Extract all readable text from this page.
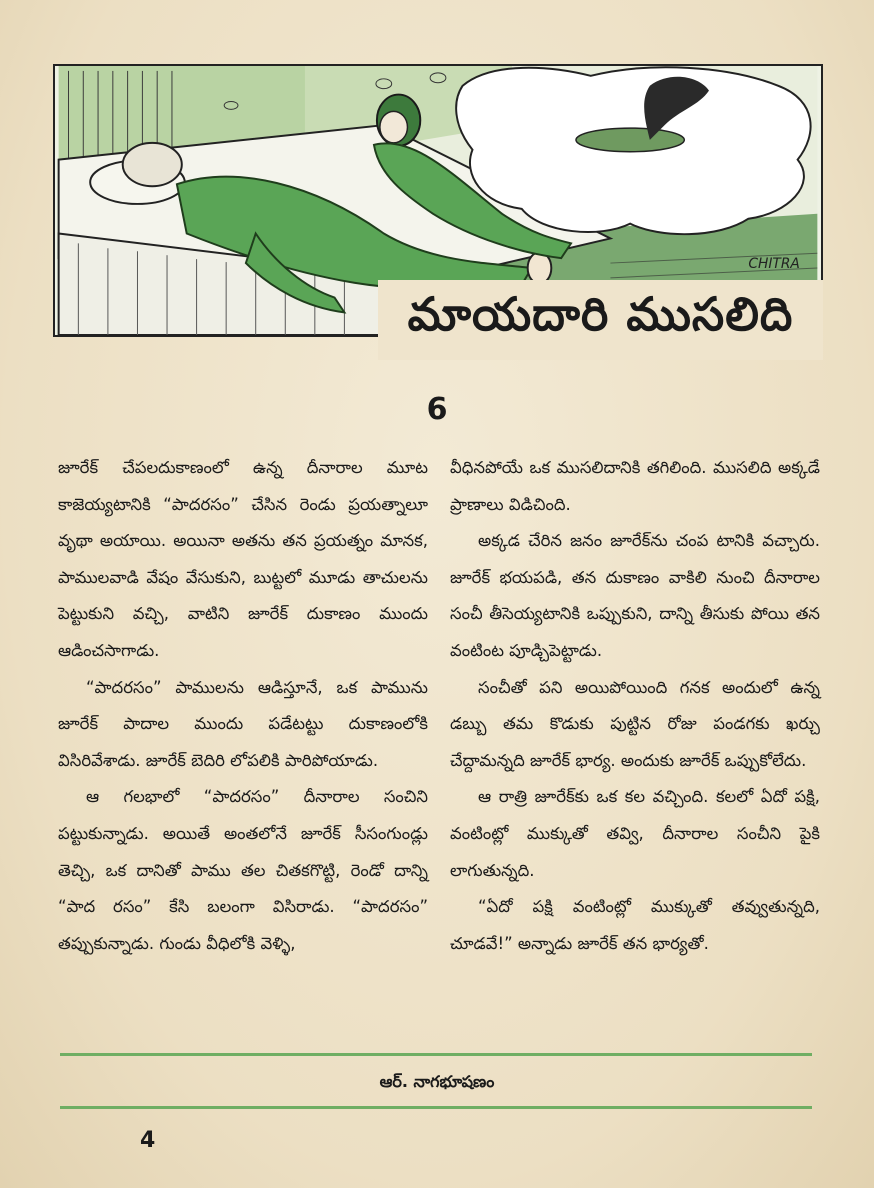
CHITRA
మాయదారి ముసలిది
6

జూరేక్ చేపలదుకాణంలో ఉన్న దీనారాల మూట కాజెయ్యటానికి “పాదరసం” చేసిన రెండు ప్రయత్నాలూ వృథా అయాయి. అయినా అతను తన ప్రయత్నం మానక, పాములవాడి వేషం వేసుకుని, బుట్టలో మూడు తాచులను పెట్టుకుని వచ్చి, వాటిని జూరేక్ దుకాణం ముందు ఆడించసాగాడు.

“పాదరసం” పాములను ఆడిస్తూనే, ఒక పామును జూరేక్ పాదాల ముందు పడేటట్టు దుకాణంలోకి విసిరివేశాడు. జూరేక్ బెదిరి లోపలికి పారిపోయాడు.

ఆ గలభాలో “పాదరసం” దీనారాల సంచిని పట్టుకున్నాడు. అయితే అంతలోనే జూరేక్ సీసంగుండ్లు తెచ్చి, ఒక దానితో పాము తల చితకగొట్టి, రెండో దాన్ని “పాద రసం” కేసి బలంగా విసిరాడు. “పాదరసం” తప్పుకున్నాడు. గుండు వీధిలోకి వెళ్ళి,

వీధినపోయే ఒక ముసలిదానికి తగిలింది. ముసలిది అక్కడే ప్రాణాలు విడిచింది.

అక్కడ చేరిన జనం జూరేక్‌ను చంప టానికి వచ్చారు. జూరేక్ భయపడి, తన దుకాణం వాకిలి నుంచి దీనారాల సంచీ తీసెయ్యటానికి ఒప్పుకుని, దాన్ని తీసుకు పోయి తన వంటింట పూడ్చిపెట్టాడు.

సంచీతో పని అయిపోయింది గనక అందులో ఉన్న డబ్బు తమ కొడుకు పుట్టిన రోజు పండగకు ఖర్చు చేద్దామన్నది జూరేక్ భార్య. అందుకు జూరేక్ ఒప్పుకోలేదు.

ఆ రాత్రి జూరేక్‌కు ఒక కల వచ్చింది. కలలో ఏదో పక్షి, వంటింట్లో ముక్కుతో తవ్వి, దీనారాల సంచీని పైకి లాగుతున్నది.

“ఏదో పక్షి వంటింట్లో ముక్కుతో తవ్వుతున్నది, చూడవే!” అన్నాడు జూరేక్ తన భార్యతో.

ఆర్. నాగభూషణం
4
